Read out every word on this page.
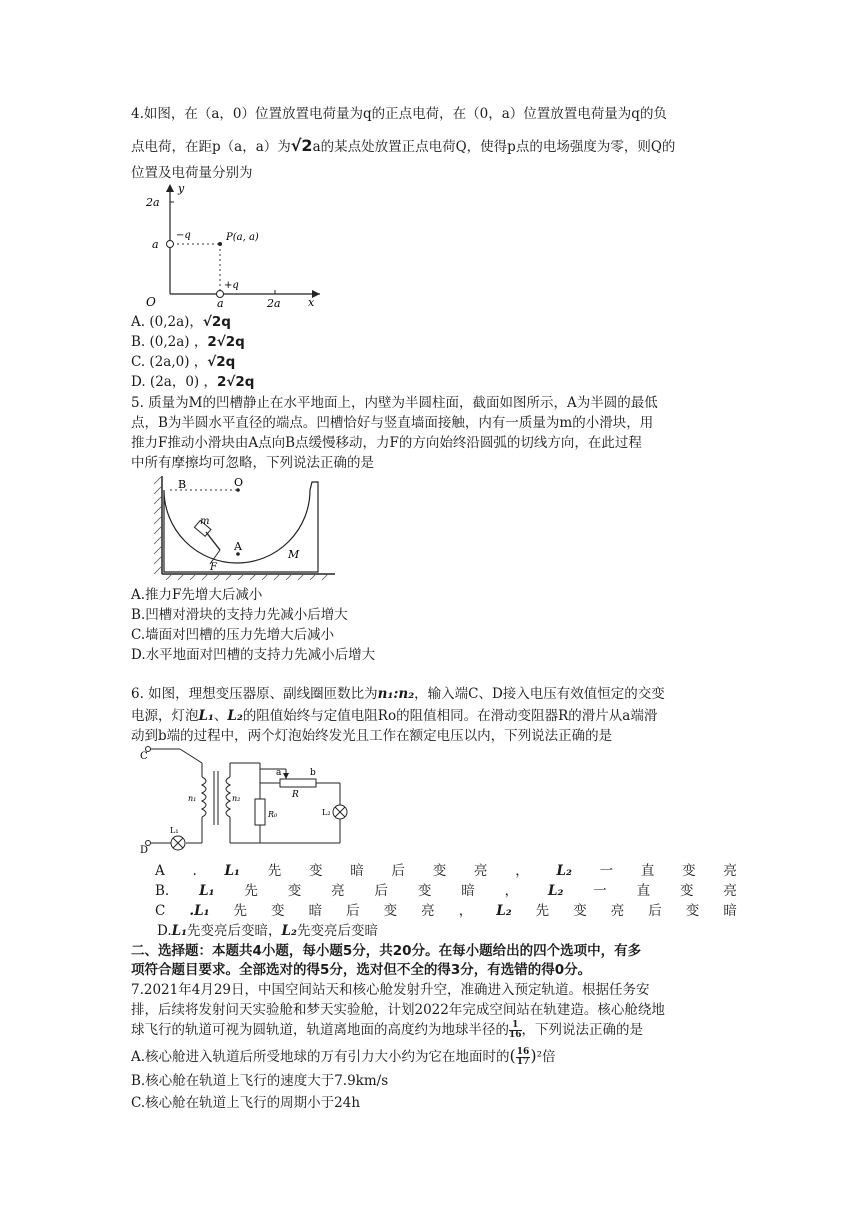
4.如图，在（a，0）位置放置电荷量为q的正点电荷，在（0，a）位置放置电荷量为q的负
点电荷，在距p（a，a）为√2a的某点处放置正点电荷Q，使得p点的电场强度为零，则Q的
位置及电荷量分别为
y
x
O
2a
a
−q
+q
P(a, a)
a	2a
A. (0,2a)，√2q
B. (0,2a) ，2√2q
C. (2a,0) ，√2q
D. (2a，0) ，2√2q
5. 质量为M的凹槽静止在水平地面上，内壁为半圆柱面，截面如图所示，A为半圆的最低
点，B为半圆水平直径的端点。凹槽恰好与竖直墙面接触，内有一质量为m的小滑块，用
推力F推动小滑块由A点向B点缓慢移动，力F的方向始终沿圆弧的切线方向，在此过程
中所有摩擦均可忽略，下列说法正确的是
B	O
A
m
M
F
A.推力F先增大后减小
B.凹槽对滑块的支持力先减小后增大
C.墙面对凹槽的压力先增大后减小
D.水平地面对凹槽的支持力先减小后增大
6. 如图，理想变压器原、副线圈匝数比为n₁:n₂，输入端C、D接入电压有效值恒定的交变
电源，灯泡L₁、L₂的阻值始终与定值电阻Ro的阻值相同。在滑动变阻器R的滑片从a端滑
动到b端的过程中，两个灯泡始终发光且工作在额定电压以内，下列说法正确的是
C
D
n₁	n₂
a	b
R
R₀
L₁
L₂
A . L₁ 先 变 暗 后 变 亮 ， L₂ 一 直 变 亮
B. L₁ 先 变 亮 后 变 暗 ， L₂ 一 直 变 亮
C .L₁ 先 变 暗 后 变 亮 ， L₂ 先 变 亮 后 变 暗
D.L₁先变亮后变暗，L₂先变亮后变暗
二、选择题：本题共4小题，每小题5分，共20分。在每小题给出的四个选项中，有多
项符合题目要求。全部选对的得5分，选对但不全的得3分，有选错的得0分。
7.2021年4月29日，中国空间站天和核心舱发射升空，准确进入预定轨道。根据任务安
排，后续将发射问天实验舱和梦天实验舱，计划2022年完成空间站在轨建造。核心舱绕地
球飞行的轨道可视为圆轨道，轨道离地面的高度约为地球半径的 $\frac{1}{16}$ ，下列说法正确的是
A.核心舱进入轨道后所受地球的万有引力大小约为它在地面时的( $\frac{16}{17} )^2$倍
B.核心舱在轨道上飞行的速度大于7.9km/s
C.核心舱在轨道上飞行的周期小于24h
